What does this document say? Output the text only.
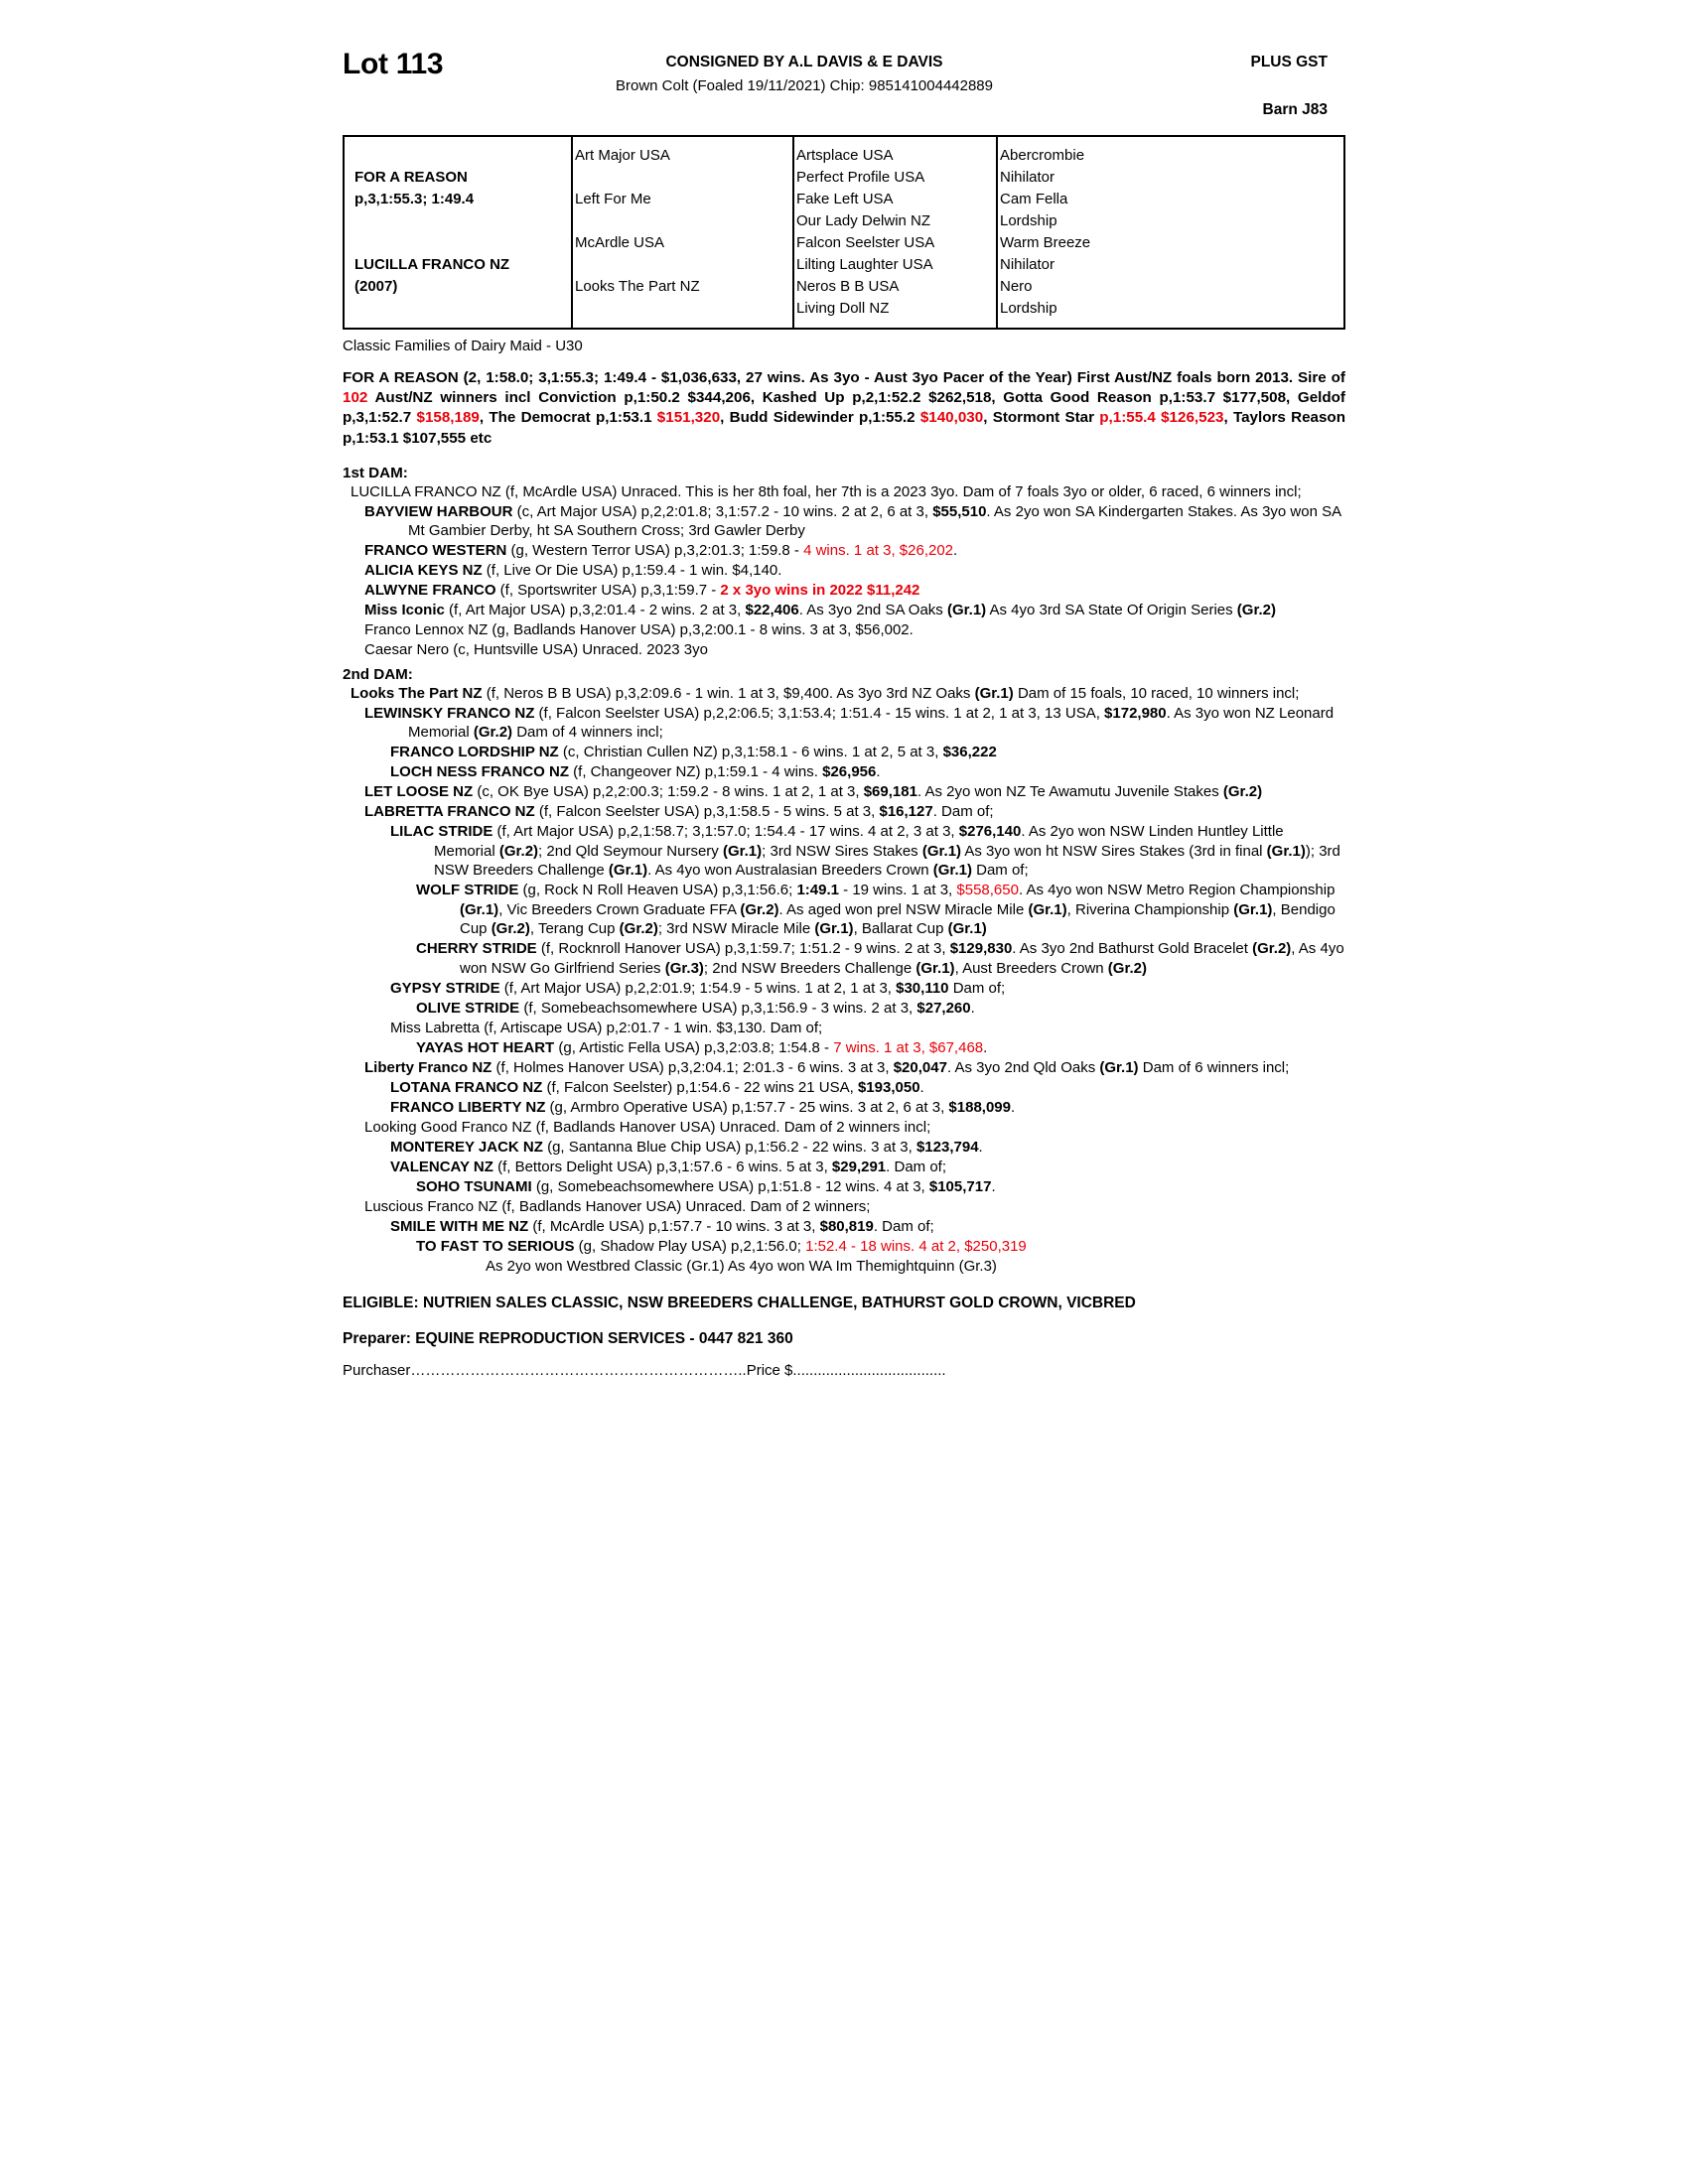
Lot 113	CONSIGNED BY A.L DAVIS & E DAVIS
Brown Colt (Foaled 19/11/2021) Chip: 985141004442889
PLUS GST
Barn J83
FOR A REASON
p,3,1:55.3; 1:49.4
LUCILLA FRANCO NZ
(2007)
Art Major USA
Left For Me
McArdle USA
Looks The Part NZ
Artsplace USA
Perfect Profile USA
Fake Left USA
Our Lady Delwin NZ
Falcon Seelster USA
Lilting Laughter USA
Neros B B USA
Living Doll NZ
Abercrombie
Nihilator
Cam Fella
Lordship
Warm Breeze
Nihilator
Nero
Lordship
Classic Families of Dairy Maid - U30
FOR A REASON (2, 1:58.0; 3,1:55.3; 1:49.4 - $1,036,633, 27 wins. As 3yo - Aust 3yo Pacer of the Year) First Aust/NZ foals born 2013. Sire of 102 Aust/NZ winners incl Conviction p,1:50.2 $344,206, Kashed Up p,2,1:52.2 $262,518, Gotta Good Reason p,1:53.7 $177,508, Geldof p,3,1:52.7 $158,189, The Democrat p,1:53.1 $151,320, Budd Sidewinder p,1:55.2 $140,030, Stormont Star p,1:55.4 $126,523, Taylors Reason p,1:53.1 $107,555 etc
1st DAM:
LUCILLA FRANCO NZ (f, McArdle USA) Unraced. This is her 8th foal, her 7th is a 2023 3yo. Dam of 7 foals 3yo or older, 6 raced, 6 winners incl;
BAYVIEW HARBOUR (c, Art Major USA) p,2,2:01.8; 3,1:57.2 - 10 wins. 2 at 2, 6 at 3, $55,510. As 2yo won SA Kindergarten Stakes. As 3yo won SA Mt Gambier Derby, ht SA Southern Cross; 3rd Gawler Derby
FRANCO WESTERN (g, Western Terror USA) p,3,2:01.3; 1:59.8 - 4 wins. 1 at 3, $26,202.
ALICIA KEYS NZ (f, Live Or Die USA) p,1:59.4 - 1 win. $4,140.
ALWYNE FRANCO (f, Sportswriter USA) p,3,1:59.7 - 2 x 3yo wins in 2022 $11,242
Miss Iconic (f, Art Major USA) p,3,2:01.4 - 2 wins. 2 at 3, $22,406. As 3yo 2nd SA Oaks (Gr.1) As 4yo 3rd SA State Of Origin Series (Gr.2)
Franco Lennox NZ (g, Badlands Hanover USA) p,3,2:00.1 - 8 wins. 3 at 3, $56,002.
Caesar Nero (c, Huntsville USA) Unraced. 2023 3yo
2nd DAM:
Looks The Part NZ (f, Neros B B USA) p,3,2:09.6 - 1 win. 1 at 3, $9,400. As 3yo 3rd NZ Oaks (Gr.1) Dam of 15 foals, 10 raced, 10 winners incl;
LEWINSKY FRANCO NZ (f, Falcon Seelster USA) p,2,2:06.5; 3,1:53.4; 1:51.4 - 15 wins. 1 at 2, 1 at 3, 13 USA, $172,980. As 3yo won NZ Leonard Memorial (Gr.2) Dam of 4 winners incl;
FRANCO LORDSHIP NZ (c, Christian Cullen NZ) p,3,1:58.1 - 6 wins. 1 at 2, 5 at 3, $36,222
LOCH NESS FRANCO NZ (f, Changeover NZ) p,1:59.1 - 4 wins. $26,956.
LET LOOSE NZ (c, OK Bye USA) p,2,2:00.3; 1:59.2 - 8 wins. 1 at 2, 1 at 3, $69,181. As 2yo won NZ Te Awamutu Juvenile Stakes (Gr.2)
LABRETTA FRANCO NZ (f, Falcon Seelster USA) p,3,1:58.5 - 5 wins. 5 at 3, $16,127. Dam of;
LILAC STRIDE (f, Art Major USA) p,2,1:58.7; 3,1:57.0; 1:54.4 - 17 wins. 4 at 2, 3 at 3, $276,140. As 2yo won NSW Linden Huntley Little Memorial (Gr.2); 2nd Qld Seymour Nursery (Gr.1); 3rd NSW Sires Stakes (Gr.1) As 3yo won ht NSW Sires Stakes (3rd in final (Gr.1)); 3rd NSW Breeders Challenge (Gr.1). As 4yo won Australasian Breeders Crown (Gr.1) Dam of;
WOLF STRIDE (g, Rock N Roll Heaven USA) p,3,1:56.6; 1:49.1 - 19 wins. 1 at 3, $558,650. As 4yo won NSW Metro Region Championship (Gr.1), Vic Breeders Crown Graduate FFA (Gr.2). As aged won prel NSW Miracle Mile (Gr.1), Riverina Championship (Gr.1), Bendigo Cup (Gr.2), Terang Cup (Gr.2); 3rd NSW Miracle Mile (Gr.1), Ballarat Cup (Gr.1)
CHERRY STRIDE (f, Rocknroll Hanover USA) p,3,1:59.7; 1:51.2 - 9 wins. 2 at 3, $129,830. As 3yo 2nd Bathurst Gold Bracelet (Gr.2), As 4yo won NSW Go Girlfriend Series (Gr.3); 2nd NSW Breeders Challenge (Gr.1), Aust Breeders Crown (Gr.2)
GYPSY STRIDE (f, Art Major USA) p,2,2:01.9; 1:54.9 - 5 wins. 1 at 2, 1 at 3, $30,110 Dam of;
OLIVE STRIDE (f, Somebeachsomewhere USA) p,3,1:56.9 - 3 wins. 2 at 3, $27,260.
Miss Labretta (f, Artiscape USA) p,2:01.7 - 1 win. $3,130. Dam of;
YAYAS HOT HEART (g, Artistic Fella USA) p,3,2:03.8; 1:54.8 - 7 wins. 1 at 3, $67,468.
Liberty Franco NZ (f, Holmes Hanover USA) p,3,2:04.1; 2:01.3 - 6 wins. 3 at 3, $20,047. As 3yo 2nd Qld Oaks (Gr.1) Dam of 6 winners incl;
LOTANA FRANCO NZ (f, Falcon Seelster) p,1:54.6 - 22 wins 21 USA, $193,050.
FRANCO LIBERTY NZ (g, Armbro Operative USA) p,1:57.7 - 25 wins. 3 at 2, 6 at 3, $188,099.
Looking Good Franco NZ (f, Badlands Hanover USA) Unraced. Dam of 2 winners incl;
MONTEREY JACK NZ (g, Santanna Blue Chip USA) p,1:56.2 - 22 wins. 3 at 3, $123,794.
VALENCAY NZ (f, Bettors Delight USA) p,3,1:57.6 - 6 wins. 5 at 3, $29,291. Dam of;
SOHO TSUNAMI (g, Somebeachsomewhere USA) p,1:51.8 - 12 wins. 4 at 3, $105,717.
Luscious Franco NZ (f, Badlands Hanover USA) Unraced. Dam of 2 winners;
SMILE WITH ME NZ (f, McArdle USA) p,1:57.7 - 10 wins. 3 at 3, $80,819. Dam of;
TO FAST TO SERIOUS (g, Shadow Play USA) p,2,1:56.0; 1:52.4 - 18 wins. 4 at 2, $250,319
As 2yo won Westbred Classic (Gr.1) As 4yo won WA Im Themightquinn (Gr.3)
ELIGIBLE: NUTRIEN SALES CLASSIC, NSW BREEDERS CHALLENGE, BATHURST GOLD CROWN, VICBRED
Preparer: EQUINE REPRODUCTION SERVICES - 0447 821 360
Purchaser…………………………………………………………..Price $.....................................
